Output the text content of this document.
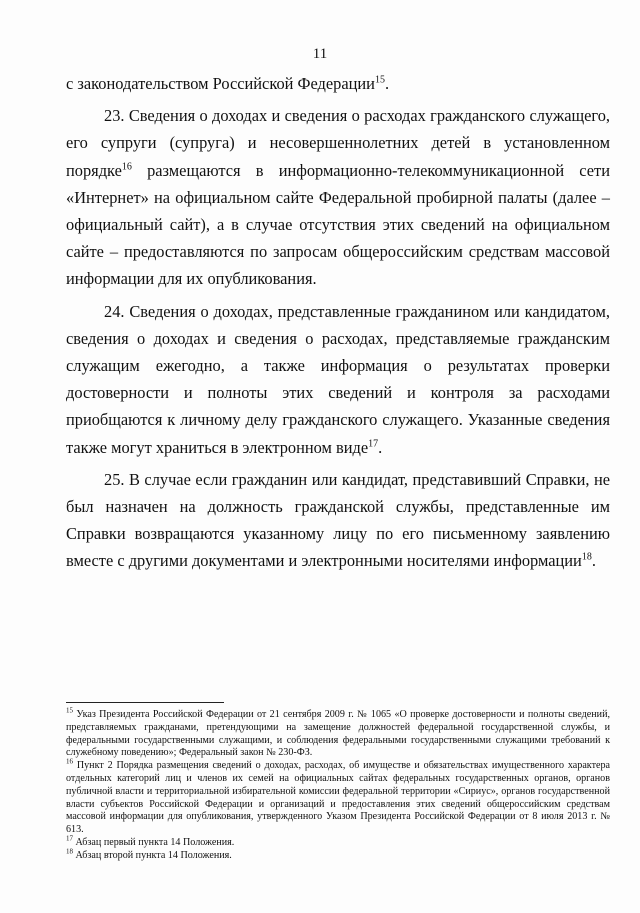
11

с законодательством Российской Федерации$^{15}$.

23. Сведения о доходах и сведения о расходах гражданского служащего, его супруги (супруга) и несовершеннолетних детей в установленном порядке$^{16}$ размещаются в информационно-телекоммуникационной сети «Интернет» на официальном сайте Федеральной пробирной палаты (далее – официальный сайт), а в случае отсутствия этих сведений на официальном сайте – предоставляются по запросам общероссийским средствам массовой информации для их опубликования.

24. Сведения о доходах, представленные гражданином или кандидатом, сведения о доходах и сведения о расходах, представляемые гражданским служащим ежегодно, а также информация о результатах проверки достоверности и полноты этих сведений и контроля за расходами приобщаются к личному делу гражданского служащего. Указанные сведения также могут храниться в электронном виде$^{17}$.

25. В случае если гражданин или кандидат, представивший Справки, не был назначен на должность гражданской службы, представленные им Справки возвращаются указанному лицу по его письменному заявлению вместе с другими документами и электронными носителями информации$^{18}$.

$^{15}$ Указ Президента Российской Федерации от 21 сентября 2009 г. № 1065 «О проверке достоверности и полноты сведений, представляемых гражданами, претендующими на замещение должностей федеральной государственной службы, и федеральными государственными служащими, и соблюдения федеральными государственными служащими требований к служебному поведению»; Федеральный закон № 230-ФЗ.

$^{16}$ Пункт 2 Порядка размещения сведений о доходах, расходах, об имуществе и обязательствах имущественного характера отдельных категорий лиц и членов их семей на официальных сайтах федеральных государственных органов, органов публичной власти и территориальной избирательной комиссии федеральной территории «Сириус», органов государственной власти субъектов Российской Федерации и организаций и предоставления этих сведений общероссийским средствам массовой информации для опубликования, утвержденного Указом Президента Российской Федерации от 8 июля 2013 г. № 613.

$^{17}$ Абзац первый пункта 14 Положения.

$^{18}$ Абзац второй пункта 14 Положения.
